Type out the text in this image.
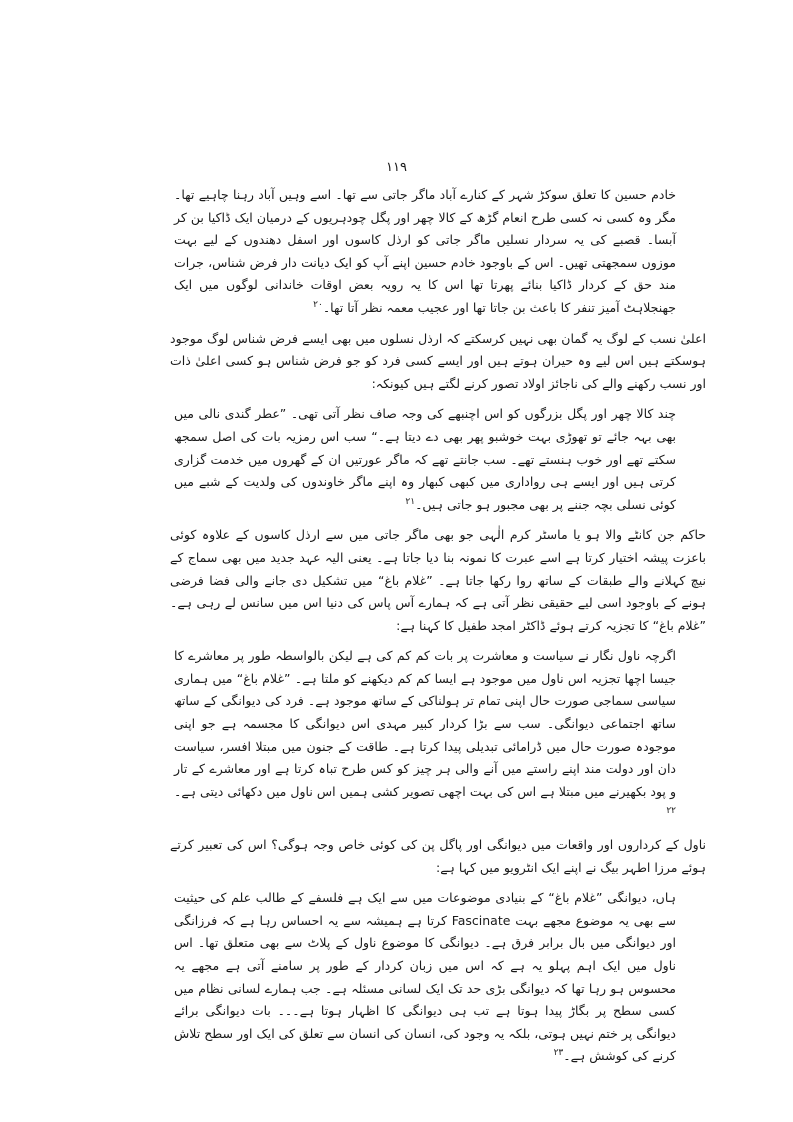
۱۱۹

خادم حسین کا تعلق سوکڑ شہر کے کنارے آباد ماگر جاتی سے تھا۔ اسے وہیں آباد رہنا چاہیے تھا۔ مگر وہ کسی نہ کسی طرح انعام گڑھ کے کالا چھر اور پگل چودہریوں کے درمیان ایک ڈاکیا بن کر آبسا۔ قصبے کی یہ سردار نسلیں ماگر جاتی کو ارذل کاسوں اور اسفل دھندوں کے لیے بہت موزوں سمجھتی تھیں۔ اس کے باوجود خادم حسین اپنے آپ کو ایک دیانت دار فرض شناس، جرات مند حق کے کردار ڈاکیا بنائے پھرتا تھا اس کا یہ رویہ بعض اوقات خاندانی لوگوں میں ایک جھنجلاہٹ آمیز تنفر کا باعث بن جاتا تھا اور عجیب معمہ نظر آتا تھا۔$^{۲۰}$

اعلیٰ نسب کے لوگ یہ گمان بھی نہیں کرسکتے کہ ارذل نسلوں میں بھی ایسے فرض شناس لوگ موجود ہوسکتے ہیں اس لیے وہ حیران ہوتے ہیں اور ایسے کسی فرد کو جو فرض شناس ہو کسی اعلیٰ ذات اور نسب رکھنے والے کی ناجائز اولاد تصور کرنے لگتے ہیں کیونکہ:

چند کالا چھر اور پگل بزرگوں کو اس اچنبھے کی وجہ صاف نظر آتی تھی۔ ”عطر گندی نالی میں بھی بہہ جائے تو تھوڑی بہت خوشبو پھر بھی دے دیتا ہے۔“ سب اس رمزیہ بات کی اصل سمجھ سکتے تھے اور خوب ہنستے تھے۔ سب جانتے تھے کہ ماگر عورتیں ان کے گھروں میں خدمت گزاری کرتی ہیں اور ایسے ہی رواداری میں کبھی کبھار وہ اپنے ماگر خاوندوں کی ولدیت کے شبے میں کوئی نسلی بچہ جننے پر بھی مجبور ہو جاتی ہیں۔$^{۲۱}$

حاکم جن کانٹے والا ہو یا ماسٹر کرم الٰہی جو بھی ماگر جاتی میں سے ارذل کاسوں کے علاوہ کوئی باعزت پیشہ اختیار کرتا ہے اسے عبرت کا نمونہ بنا دیا جاتا ہے۔ یعنی الیہ عہد جدید میں بھی سماج کے نیچ کہلانے والے طبقات کے ساتھ روا رکھا جاتا ہے۔ ”غلام باغ“ میں تشکیل دی جانے والی فضا فرضی ہونے کے باوجود اسی لیے حقیقی نظر آتی ہے کہ ہمارے آس پاس کی دنیا اس میں سانس لے رہی ہے۔ ”غلام باغ“ کا تجزیہ کرتے ہوئے ڈاکٹر امجد طفیل کا کہنا ہے:

اگرچہ ناول نگار نے سیاست و معاشرت پر بات کم کم کی ہے لیکن بالواسطہ طور پر معاشرے کا جیسا اچھا تجزیہ اس ناول میں موجود ہے ایسا کم کم دیکھنے کو ملتا ہے۔ ”غلام باغ“ میں ہماری سیاسی سماجی صورت حال اپنی تمام تر ہولناکی کے ساتھ موجود ہے۔ فرد کی دیوانگی کے ساتھ ساتھ اجتماعی دیوانگی۔ سب سے بڑا کردار کبیر مہدی اس دیوانگی کا مجسمہ ہے جو اپنی موجودہ صورت حال میں ڈرامائی تبدیلی پیدا کرتا ہے۔ طاقت کے جنون میں مبتلا افسر، سیاست دان اور دولت مند اپنے راستے میں آنے والی ہر چیز کو کس طرح تباہ کرتا ہے اور معاشرے کے تار و پود بکھیرنے میں مبتلا ہے اس کی بہت اچھی تصویر کشی ہمیں اس ناول میں دکھائی دیتی ہے۔$^{۲۲}$

ناول کے کرداروں اور واقعات میں دیوانگی اور پاگل پن کی کوئی خاص وجہ ہوگی؟ اس کی تعبیر کرتے ہوئے مرزا اطہر بیگ نے اپنے ایک انٹرویو میں کہا ہے:

ہاں، دیوانگی ”غلام باغ“ کے بنیادی موضوعات میں سے ایک ہے فلسفے کے طالب علم کی حیثیت سے بھی یہ موضوع مجھے بہت Fascinate کرتا ہے ہمیشہ سے یہ احساس رہا ہے کہ فرزانگی اور دیوانگی میں بال برابر فرق ہے۔ دیوانگی کا موضوع ناول کے پلاٹ سے بھی متعلق تھا۔ اس ناول میں ایک اہم پہلو یہ ہے کہ اس میں زبان کردار کے طور پر سامنے آتی ہے مجھے یہ محسوس ہو رہا تھا کہ دیوانگی بڑی حد تک ایک لسانی مسئلہ ہے۔ جب ہمارے لسانی نظام میں کسی سطح پر بگاڑ پیدا ہوتا ہے تب ہی دیوانگی کا اظہار ہوتا ہے۔۔۔ بات دیوانگی برائے دیوانگی پر ختم نہیں ہوتی، بلکہ یہ وجود کی، انسان کی انسان سے تعلق کی ایک اور سطح تلاش کرنے کی کوشش ہے۔$^{۲۳}$
